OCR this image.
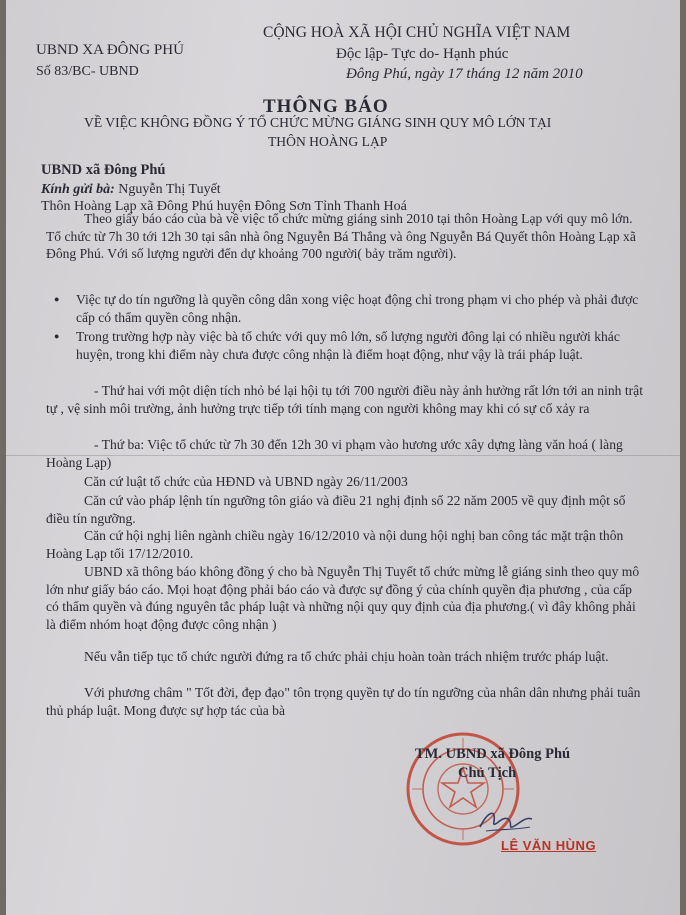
UBND XA ĐÔNG PHÚ
Số 83/BC- UBND
CỘNG HOÀ XÃ HỘI CHỦ NGHĨA VIỆT NAM
Độc lập- Tực do- Hạnh phúc
Đông Phú, ngày 17 tháng 12 năm 2010
THÔNG BÁO
VỀ VIỆC KHÔNG ĐỒNG Ý TỔ CHỨC MỪNG GIÁNG SINH QUY MÔ LỚN TẠI
THÔN HOÀNG LẠP
UBND xã Đông Phú
Kính gửi bà: Nguyễn Thị Tuyết
Thôn Hoàng Lạp xã Đông Phú huyện Đông Sơn Tỉnh Thanh Hoá
Theo giấy báo cáo của bà về việc tổ chức mừng giáng sinh 2010 tại thôn Hoàng Lạp với quy mô lớn. Tổ chức từ 7h 30 tới 12h 30 tại sân nhà ông Nguyễn Bá Thắng và ông Nguyễn Bá Quyết thôn Hoàng Lạp xã Đông Phú. Với số lượng người đến dự khoảng 700 người( bảy trăm người).
● Việc tự do tín ngưỡng là quyền công dân xong việc hoạt động chỉ trong phạm vi cho phép và phải được cấp có thẩm quyền công nhận.
● Trong trường hợp này việc bà tổ chức với quy mô lớn, số lượng người đông lại có nhiều người khác huyện, trong khi điểm này chưa được công nhận là điểm hoạt động, như vậy là trái pháp luật.
- Thứ hai với một diện tích nhỏ bé lại hội tụ tới 700 người điều này ảnh hưởng rất lớn tới an ninh trật tự , vệ sinh môi trường, ảnh hưởng trực tiếp tới tính mạng con người không may khi có sự cố xảy ra
- Thứ ba: Việc tổ chức từ 7h 30 đến 12h 30 vi phạm vào hương ước xây dựng làng văn hoá ( làng Hoàng Lạp)
Căn cứ luật tổ chức của HĐND và UBND ngày 26/11/2003
Căn cứ vào pháp lệnh tín ngưỡng tôn giáo và điều 21 nghị định số 22 năm 2005 về quy định một số điều tín ngưỡng.
Căn cứ hội nghị liên ngành chiều ngày 16/12/2010 và nội dung hội nghị ban công tác mặt trận thôn Hoàng Lạp tối 17/12/2010.
UBND xã thông báo không đồng ý cho bà Nguyễn Thị Tuyết tổ chức mừng lễ giáng sinh theo quy mô lớn như giấy báo cáo. Mọi hoạt động phải báo cáo và được sự đồng ý của chính quyền địa phương , của cấp có thẩm quyền và đúng nguyên tắc pháp luật và những nội quy quy định của địa phương.( vì đây không phải là điểm nhóm hoạt động được công nhận )
Nếu vẫn tiếp tục tổ chức người đứng ra tổ chức phải chịu hoàn toàn trách nhiệm trước pháp luật.
Với phương châm " Tốt đời, đẹp đạo" tôn trọng quyền tự do tín ngưỡng của nhân dân nhưng phải tuân thủ pháp luật. Mong được sự hợp tác của bà
TM. UBND xã Đông Phú
Chủ Tịch
LÊ VĂN HÙNG
